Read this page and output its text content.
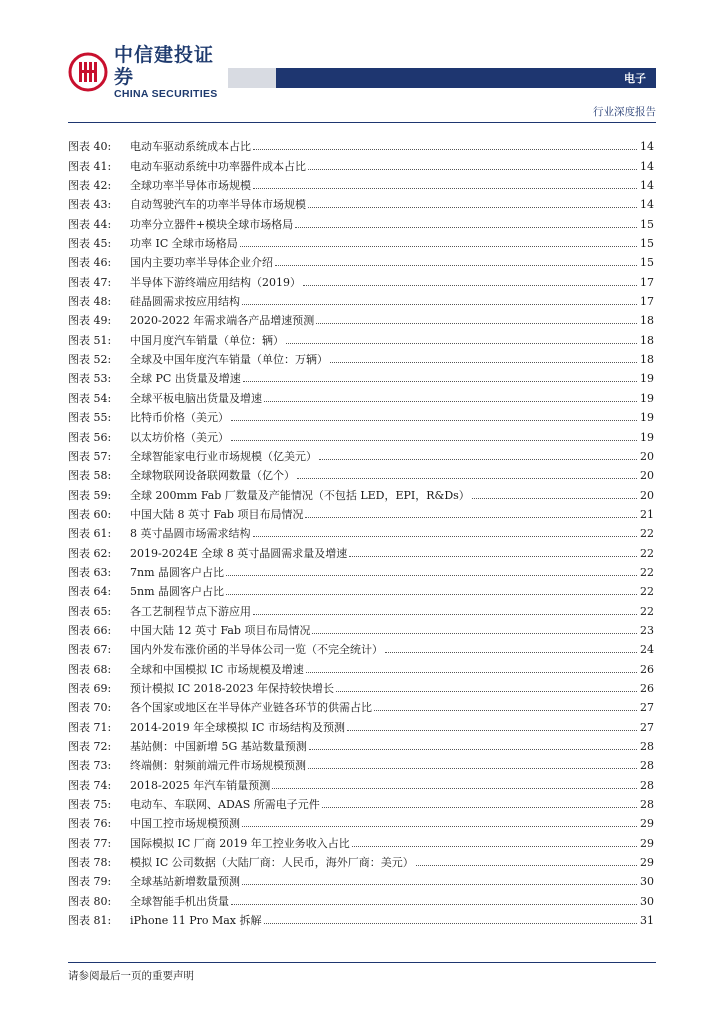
中信建投证券
CHINA SECURITIES
电子
行业深度报告
图表 40:	电动车驱动系统成本占比	14
图表 41:	电动车驱动系统中功率器件成本占比	14
图表 42:	全球功率半导体市场规模	14
图表 43:	自动驾驶汽车的功率半导体市场规模	14
图表 44:	功率分立器件+模块全球市场格局	15
图表 45:	功率 IC 全球市场格局	15
图表 46:	国内主要功率半导体企业介绍	15
图表 47:	半导体下游终端应用结构（2019）	17
图表 48:	硅晶圆需求按应用结构	17
图表 49:	2020-2022 年需求端各产品增速预测	18
图表 51:	中国月度汽车销量（单位：辆）	18
图表 52:	全球及中国年度汽车销量（单位：万辆）	18
图表 53:	全球 PC 出货量及增速	19
图表 54:	全球平板电脑出货量及增速	19
图表 55:	比特币价格（美元）	19
图表 56:	以太坊价格（美元）	19
图表 57:	全球智能家电行业市场规模（亿美元）	20
图表 58:	全球物联网设备联网数量（亿个）	20
图表 59:	全球 200mm Fab 厂数量及产能情况（不包括 LED，EPI，R&Ds）	20
图表 60:	中国大陆 8 英寸 Fab 项目布局情况	21
图表 61:	8 英寸晶圆市场需求结构	22
图表 62:	2019-2024E 全球 8 英寸晶圆需求量及增速	22
图表 63:	7nm 晶圆客户占比	22
图表 64:	5nm 晶圆客户占比	22
图表 65:	各工艺制程节点下游应用	22
图表 66:	中国大陆 12 英寸 Fab 项目布局情况	23
图表 67:	国内外发布涨价函的半导体公司一览（不完全统计）	24
图表 68:	全球和中国模拟 IC 市场规模及增速	26
图表 69:	预计模拟 IC 2018-2023 年保持较快增长	26
图表 70:	各个国家或地区在半导体产业链各环节的供需占比	27
图表 71:	2014-2019 年全球模拟 IC 市场结构及预测	27
图表 72:	基站侧：中国新增 5G 基站数量预测	28
图表 73:	终端侧：射频前端元件市场规模预测	28
图表 74:	2018-2025 年汽车销量预测	28
图表 75:	电动车、车联网、ADAS 所需电子元件	28
图表 76:	中国工控市场规模预测	29
图表 77:	国际模拟 IC 厂商 2019 年工控业务收入占比	29
图表 78:	模拟 IC 公司数据（大陆厂商：人民币，海外厂商：美元）	29
图表 79:	全球基站新增数量预测	30
图表 80:	全球智能手机出货量	30
图表 81:	iPhone 11 Pro Max 拆解	31
请参阅最后一页的重要声明
